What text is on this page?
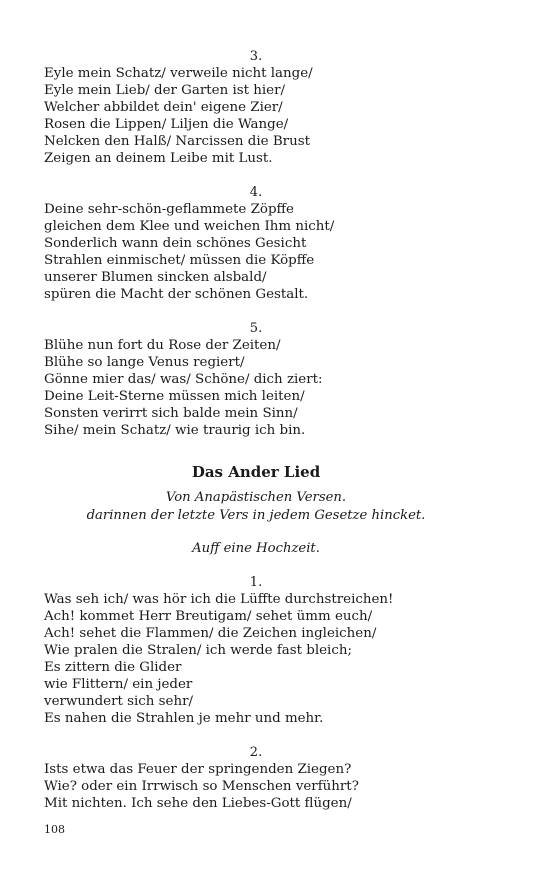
3.
Eyle mein Schatz/ verweile nicht lange/
Eyle mein Lieb/ der Garten ist hier/
Welcher abbildet dein' eigene Zier/
Rosen die Lippen/ Liljen die Wange/
Nelcken den Halß/ Narcissen die Brust
Zeigen an deinem Leibe mit Lust.
4.
Deine sehr-schön-geflammete Zöpffe
gleichen dem Klee und weichen Ihm nicht/
Sonderlich wann dein schönes Gesicht
Strahlen einmischet/ müssen die Köpffe
unserer Blumen sincken alsbald/
spüren die Macht der schönen Gestalt.
5.
Blühe nun fort du Rose der Zeiten/
Blühe so lange Venus regiert/
Gönne mier das/ was/ Schöne/ dich ziert:
Deine Leit-Sterne müssen mich leiten/
Sonsten verirrt sich balde mein Sinn/
Sihe/ mein Schatz/ wie traurig ich bin.
Das Ander Lied
Von Anapästischen Versen.
darinnen der letzte Vers in jedem Gesetze hincket.
Auff eine Hochzeit.
1.
Was seh ich/ was hör ich die Lüffte durchstreichen!
Ach! kommet Herr Breutigam/ sehet ümm euch/
Ach! sehet die Flammen/ die Zeichen ingleichen/
Wie pralen die Stralen/ ich werde fast bleich;
Es zittern die Glider
wie Flittern/ ein jeder
verwundert sich sehr/
Es nahen die Strahlen je mehr und mehr.
2.
Ists etwa das Feuer der springenden Ziegen?
Wie? oder ein Irrwisch so Menschen verführt?
Mit nichten. Ich sehe den Liebes-Gott flügen/
108
